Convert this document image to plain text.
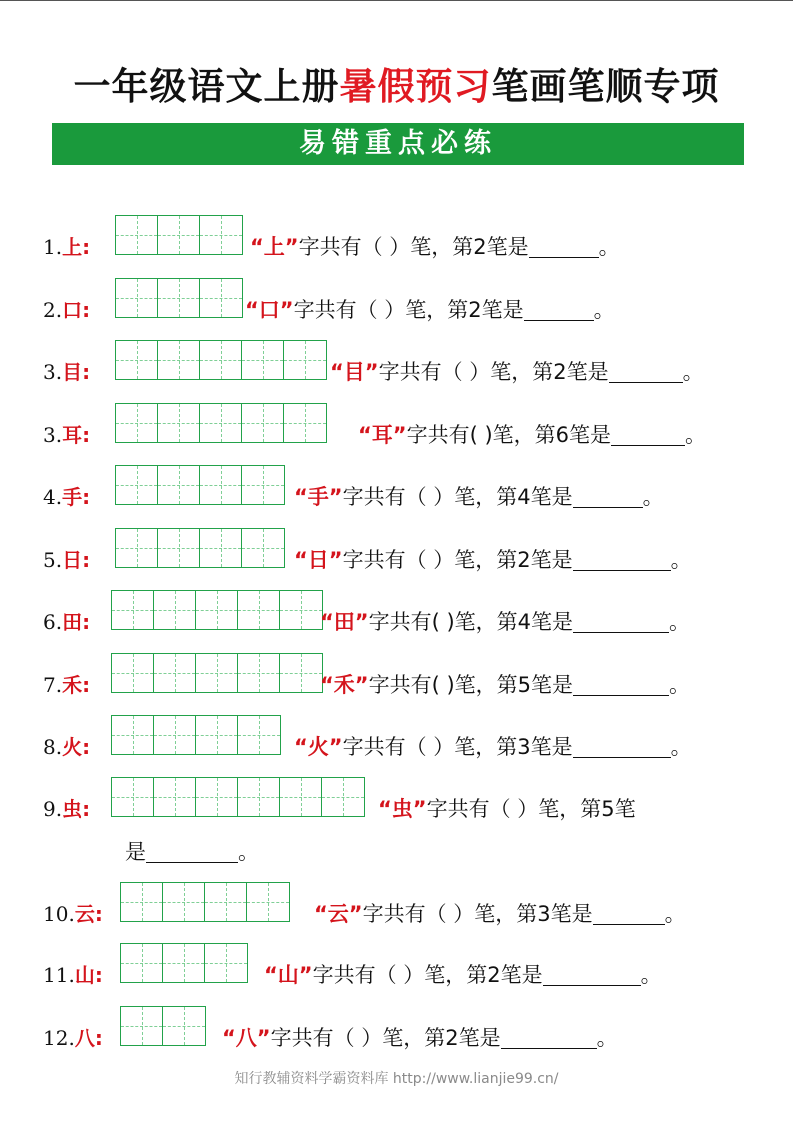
一年级语文上册暑假预习笔画笔顺专项
易错重点必练
1.上:	“上”字共有（ ）笔，第2笔是	。
2.口:	“口”字共有（ ）笔，第2笔是	。
3.目:	“目”字共有（ ）笔，第2笔是	。
3.耳:	“耳”字共有( )笔，第6笔是	。
4.手:	“手”字共有（ ）笔，第4笔是	。
5.日:	“日”字共有（ ）笔，第2笔是	。
6.田:	“田”字共有( )笔，第4笔是	。
7.禾:	“禾”字共有( )笔，第5笔是	。
8.火:	“火”字共有（ ）笔，第3笔是	。
9.虫:	“虫”字共有（ ）笔，第5笔
10.云:	“云”字共有（ ）笔，第3笔是	。
11.山:	“山”字共有（ ）笔，第2笔是	。
12.八:	“八”字共有（ ）笔，第2笔是	。
是	。
知行教辅资料学霸资料库 http://www.lianjie99.cn/
